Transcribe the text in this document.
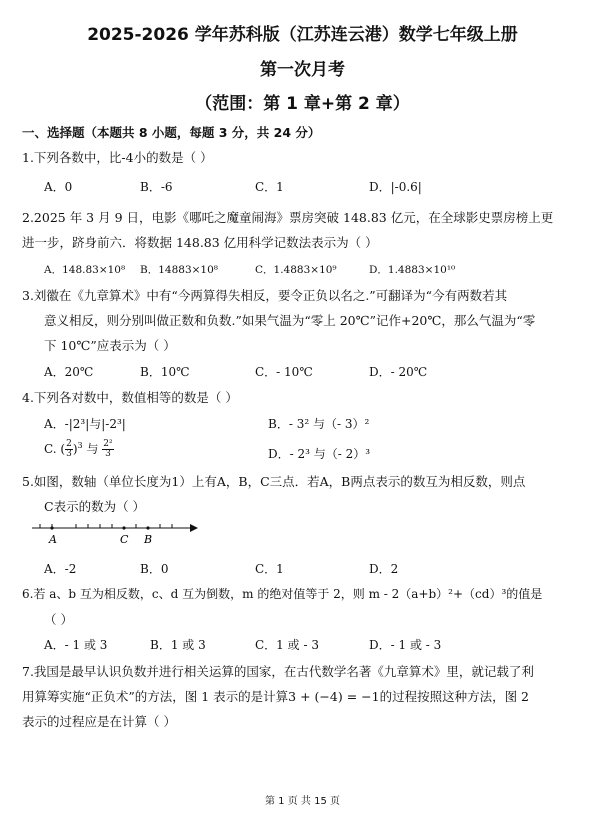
2025-2026 学年苏科版（江苏连云港）数学七年级上册
第一次月考
（范围：第 1 章+第 2 章）
一、选择题（本题共 8 小题，每题 3 分，共 24 分）
1.下列各数中，比-4小的数是（ ）
A．0	B．-6	C．1	D．|-0.6|
2.2025 年 3 月 9 日，电影《哪吒之魔童闹海》票房突破 148.83 亿元，在全球影史票房榜上更
进一步，跻身前六．将数据 148.83 亿用科学记数法表示为（ ）
A．148.83×10⁸ B．14883×10⁸	C．1.4883×10⁹	D．1.4883×10¹⁰
3.刘徽在《九章算术》中有“今两算得失相反，要令正负以名之.”可翻译为“今有两数若其
意义相反，则分别叫做正数和负数.”如果气温为“零上 20℃”记作+20℃，那么气温为“零
下 10℃”应表示为（ ）
A．20℃	B．10℃	C．- 10℃	D．- 20℃
4.下列各对数中，数值相等的数是（ ）
A．-|2³|与|-2³|	B．- 3² 与（- 3）²
C. ( $\frac{2}{3} )^3$ 与 $\frac{\text{2²}}{3}$	D．- 2³ 与（- 2）³
5.如图，数轴（单位长度为1）上有A，B，C三点．若A，B两点表示的数互为相反数，则点
C表示的数为（ ）
A	C B
A．-2	B．0	C．1	D．2
6.若 a、b 互为相反数，c、d 互为倒数，m 的绝对值等于 2，则 m - 2（a+b）²+（cd）³的值是
（ ）
A．- 1 或 3	B．1 或 3	C．1 或 - 3	D．- 1 或 - 3
7.我国是最早认识负数并进行相关运算的国家，在古代数学名著《九章算术》里，就记载了利
用算筹实施“正负术”的方法，图 1 表示的是计算3 + (−4) = −1的过程按照这种方法，图 2
表示的过程应是在计算（ ）
第 1 页 共 15 页
